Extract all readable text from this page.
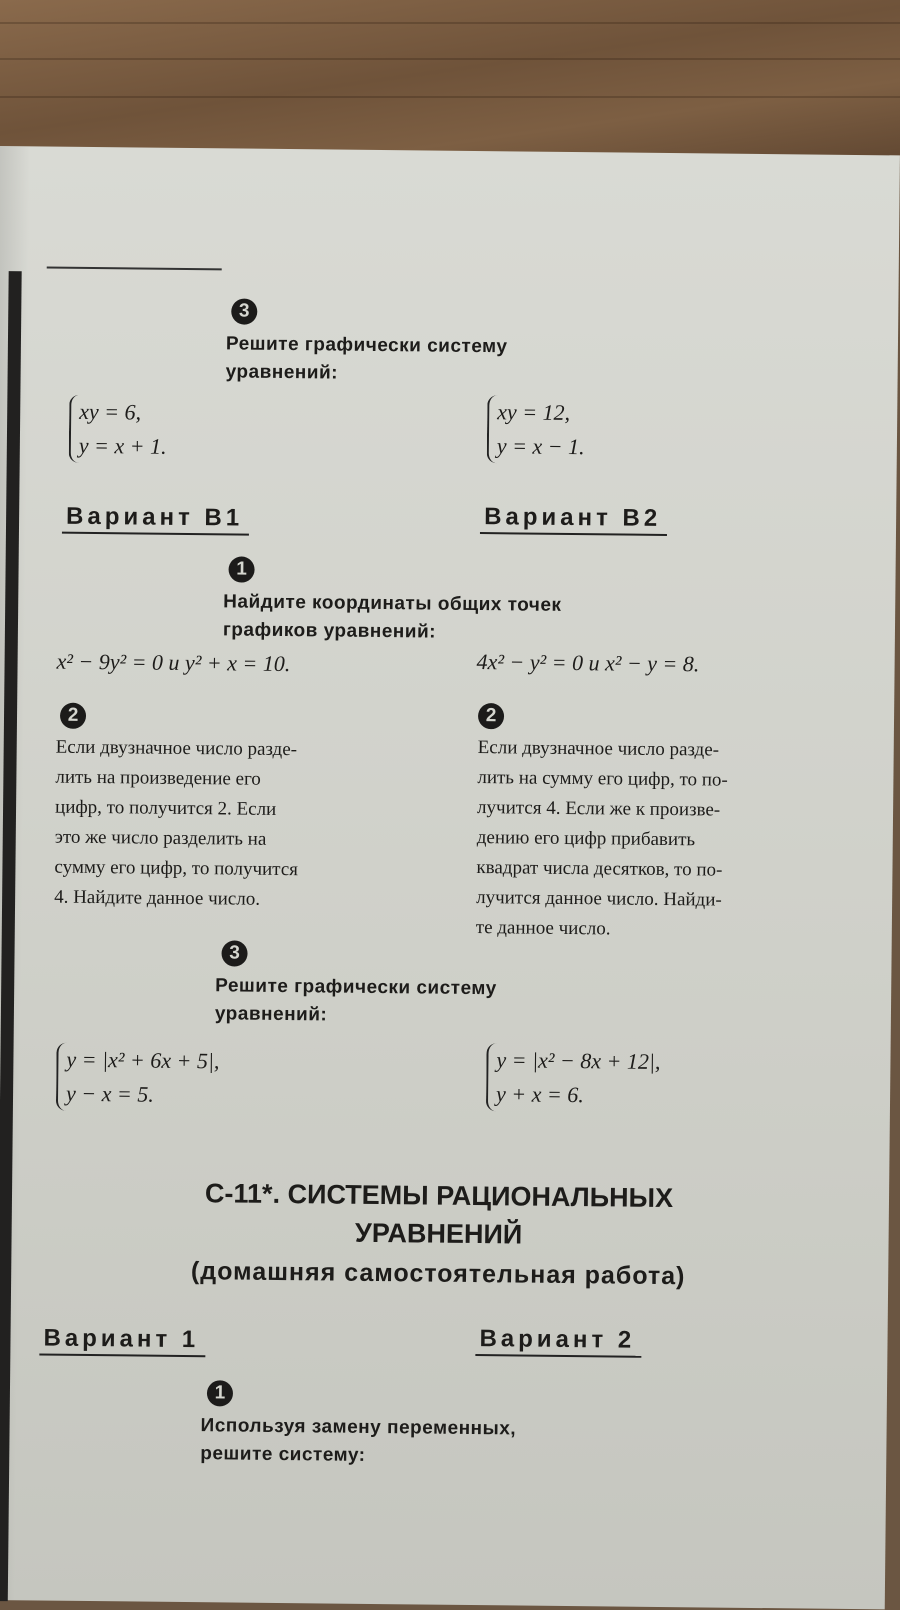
3
Решите графически систему
уравнений:
xy = 6,
y = x + 1.
xy = 12,
y = x − 1.
Вариант В1	Вариант В2
1
Найдите координаты общих точек
графиков уравнений:
x² − 9y² = 0 и y² + x = 10.	4x² − y² = 0 и x² − y = 8.
2	2
Если двузначное число разде-
лить на произведение его
цифр, то получится 2. Если
это же число разделить на
сумму его цифр, то получится
4. Найдите данное число.
Если двузначное число разде-
лить на сумму его цифр, то по-
лучится 4. Если же к произве-
дению его цифр прибавить
квадрат числа десятков, то по-
лучится данное число. Найди-
те данное число.
3
Решите графически систему
уравнений:
y = |x² + 6x + 5|,
y − x = 5.
y = |x² − 8x + 12|,
y + x = 6.
С-11*. СИСТЕМЫ РАЦИОНАЛЬНЫХ
УРАВНЕНИЙ
(домашняя самостоятельная работа)
Вариант 1	Вариант 2
1
Используя замену переменных,
решите систему:
